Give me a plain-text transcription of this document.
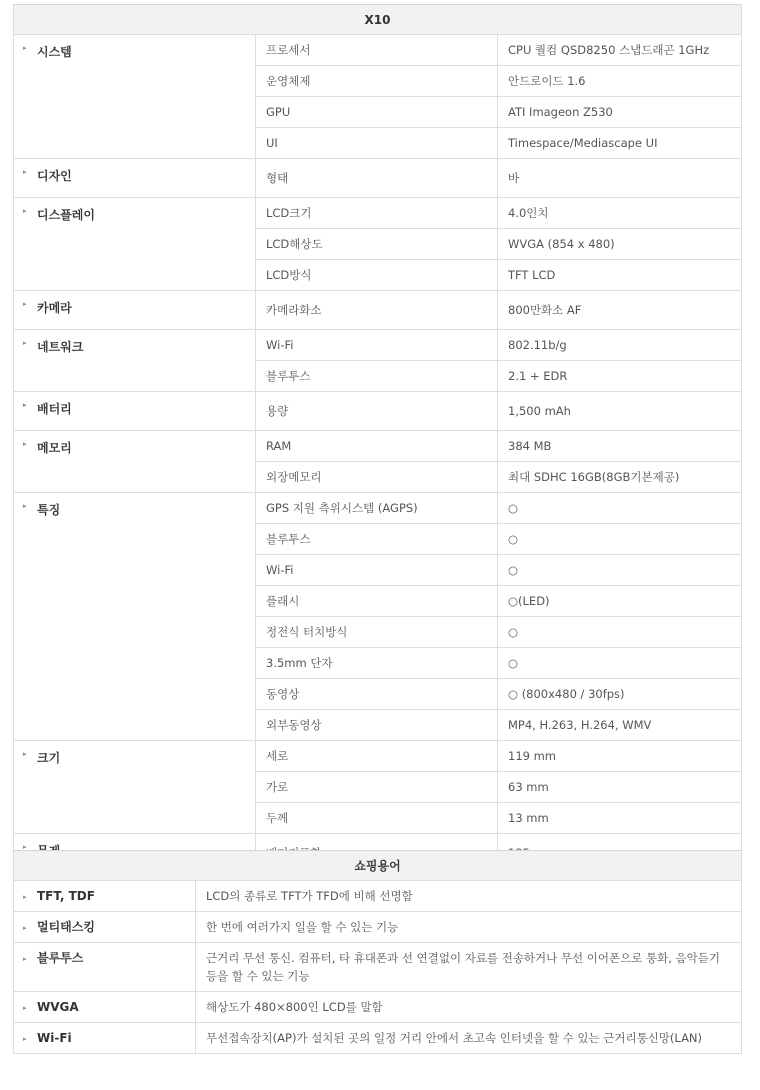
X10		
▸시스템	프로세서	CPU 퀄컴 QSD8250 스냅드래곤 1GHz
	운영체제	안드로이드 1.6
	GPU	ATI Imageon Z530
	UI	Timespace/Mediascape UI
▸디자인	형태	바
▸디스플레이	LCD크기	4.0인치
	LCD해상도	WVGA (854 x 480)
	LCD방식	TFT LCD
▸카메라	카메라화소	800만화소 AF
▸네트워크	Wi-Fi	802.11b/g
	블루투스	2.1 + EDR
▸배터리	용량	1,500 mAh
▸메모리	RAM	384 MB
	외장메모리	최대 SDHC 16GB(8GB기본제공)
▸특징	GPS 지원 측위시스템 (AGPS)	○
	블루투스	○
	Wi-Fi	○
	플래시	○(LED)
	정전식 터치방식	○
	3.5mm 단자	○
	동영상	○ (800x480 / 30fps)
	외부동영상	MP4, H.263, H.264, WMV
▸크기	세로	119 mm
	가로	63 mm
	두께	13 mm
▸		
쇼핑용어	
▸TFT, TDF	LCD의 종류로 TFT가 TFD에 비해 선명함
▸멀티태스킹	한 번에 여러가지 일을 할 수 있는 기능
▸블루투스	근거리 무선 통신. 컴퓨터, 타 휴대폰과 선 연결없이 자료를 전송하거나 무선 이어폰으로 통화, 음악듣기 등을 할 수 있는 기능
▸WVGA	해상도가 480×800인 LCD를 말함
▸Wi-Fi	무선접속장치(AP)가 설치된 곳의 일정 거리 안에서 초고속 인터넷을 할 수 있는 근거리통신망(LAN)
